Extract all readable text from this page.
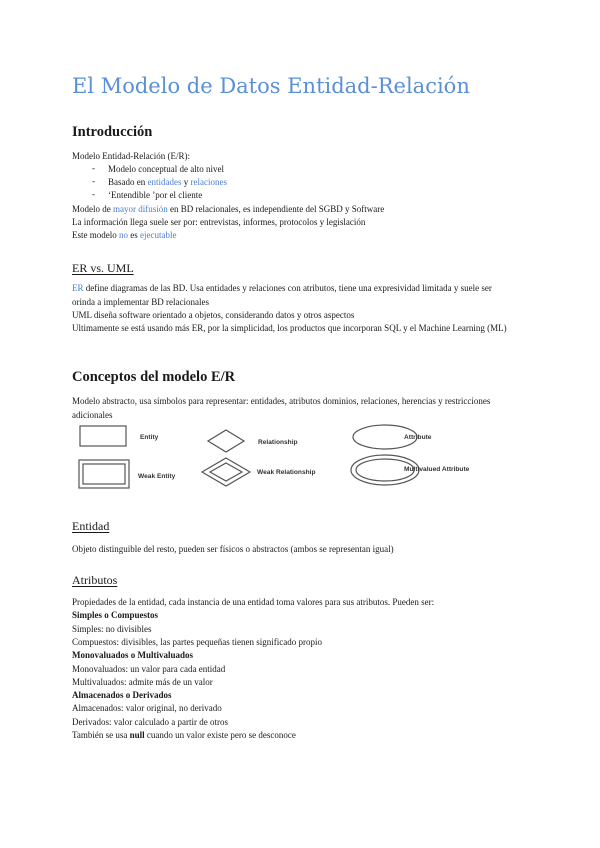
El Modelo de Datos Entidad-Relación
Introducción
Modelo Entidad-Relación (E/R):
- Modelo conceptual de alto nivel
- Basado en entidades y relaciones
- ‘Entendible ’por el cliente
Modelo de mayor difusión en BD relacionales, es independiente del SGBD y Software
La información llega suele ser por: entrevistas, informes, protocolos y legislación
Este modelo no es ejecutable
ER vs. UML
ER define diagramas de las BD. Usa entidades y relaciones con atributos, tiene una expresividad limitada y suele ser orinda a implementar BD relacionales
UML diseña software orientado a objetos, considerando datos y otros aspectos
Ultimamente se está usando más ER, por la simplicidad, los productos que incorporan SQL y el Machine Learning (ML)
Conceptos del modelo E/R
Modelo abstracto, usa símbolos para representar: entidades, atributos dominios, relaciones, herencias y restricciones adicionales
Entity
Relationship
Attribute
Weak Entity
Weak Relationship	Multivalued Attribute
Entidad
Objeto distinguible del resto, pueden ser físicos o abstractos (ambos se representan igual)
Atributos
Propiedades de la entidad, cada instancia de una entidad toma valores para sus atributos. Pueden ser:
Simples o Compuestos
Simples: no divisibles
Compuestos: divisibles, las partes pequeñas tienen significado propio
Monovaluados o Multivaluados
Monovaluados: un valor para cada entidad
Multivaluados: admite más de un valor
Almacenados o Derivados
Almacenados: valor original, no derivado
Derivados: valor calculado a partir de otros
También se usa null cuando un valor existe pero se desconoce
